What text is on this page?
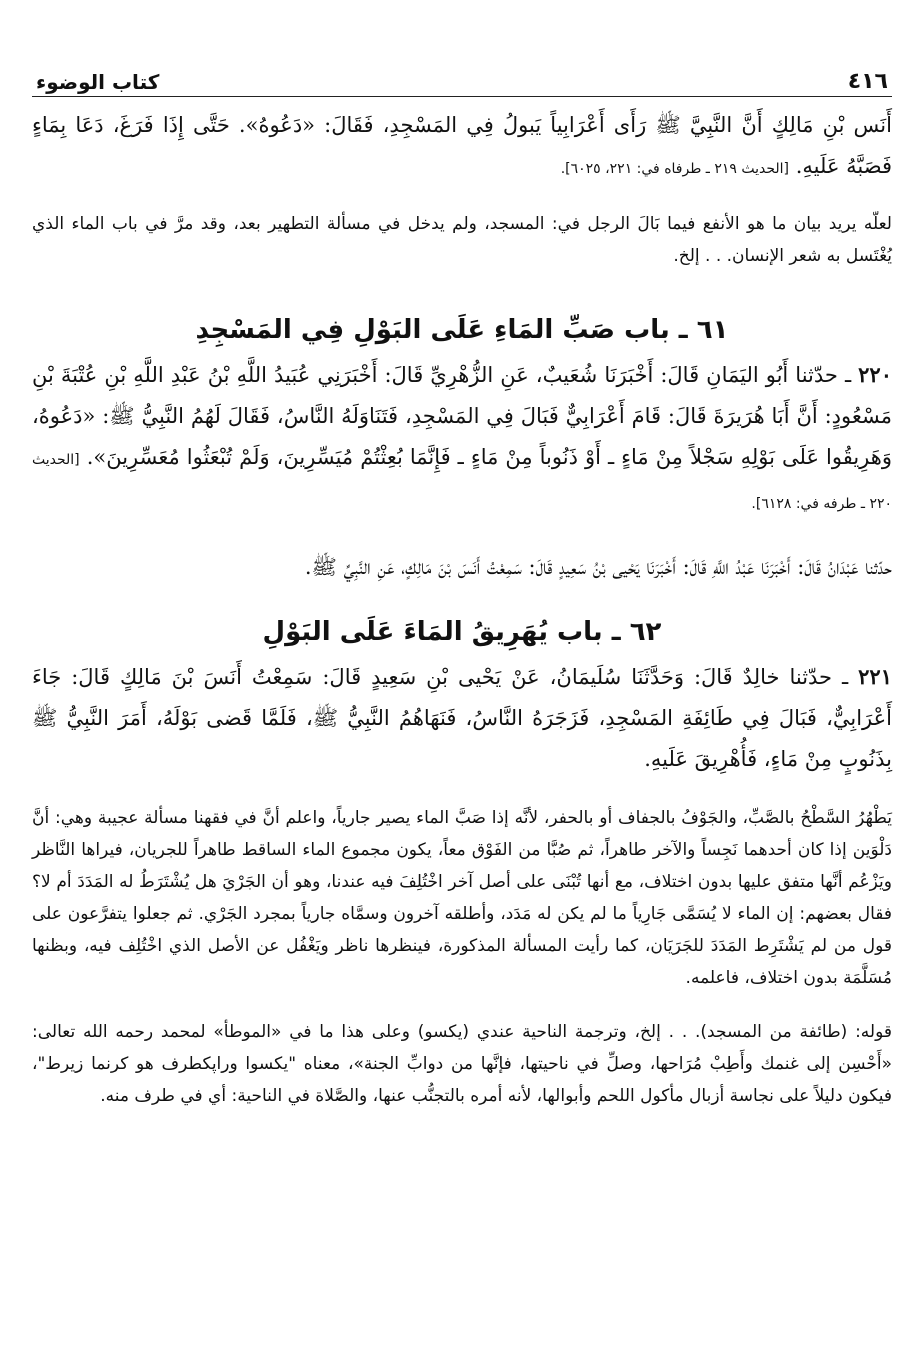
٤١٦
كتاب الوضوء

أَنَس بْنِ مَالِكٍ أَنَّ النَّبِيَّ ﷺ رَأَى أَعْرَابِياً يَبولُ فِي المَسْجِدِ، فَقَالَ: «دَعُوهُ». حَتَّى إِذَا فَرَغَ، دَعَا بِمَاءٍ فَصَبَّهُ عَلَيهِ. [الحديث ٢١٩ ـ طرفاه في: ٢٢١، ٦٠٢٥].

لعلّه يريد بيان ما هو الأنفع فيما بَالَ الرجل في: المسجد، ولم يدخل في مسألة التطهير بعد، وقد مرَّ في باب الماء الذي يُغْتَسل به شعر الإنسان. . . إلخ.

٦١ ـ باب صَبِّ المَاءِ عَلَى البَوْلِ فِي المَسْجِدِ

٢٢٠ ـ حدّثنا أَبُو اليَمَانِ قَالَ: أَخْبَرَنَا شُعَيبٌ، عَنِ الزُّهْرِيِّ قَالَ: أَخْبَرَنِي عُبَيدُ اللَّهِ بْنُ عَبْدِ اللَّهِ بْنِ عُتْبَةَ بْنِ مَسْعُودٍ: أَنَّ أَبَا هُرَيرَةَ قَالَ: قَامَ أَعْرَابِيٌّ فَبَالَ فِي المَسْجِدِ، فَتَنَاوَلَهُ النَّاسُ، فَقَالَ لَهُمُ النَّبِيُّ ﷺ: «دَعُوهُ، وَهَرِيقُوا عَلَى بَوْلِهِ سَجْلاً مِنْ مَاءٍ ـ أَوْ ذَنُوباً مِنْ مَاءٍ ـ فَإِنَّمَا بُعِثْتُمْ مُيَسِّرِينَ، وَلَمْ تُبْعَثُوا مُعَسِّرِينَ». [الحديث ٢٢٠ ـ طرفه في: ٦١٢٨].

حدّثنا عَبْدَانُ قَالَ: أَخْبَرَنَا عَبْدُ اللَّهِ قَالَ: أَخْبَرَنَا يَحْيى بْنُ سَعِيدٍ قَالَ: سَمِعْتُ أَنَسَ بْنَ مَالِكٍ، عَنِ النَّبِيِّ ﷺ.

٦٢ ـ باب يُهَرِيقُ المَاءَ عَلَى البَوْلِ

٢٢١ ـ حدّثنا خالِدٌ قَالَ: وَحَدَّثَنَا سُلَيمَانُ، عَنْ يَحْيى بْنِ سَعِيدٍ قَالَ: سَمِعْتُ أَنَسَ بْنَ مَالِكٍ قَالَ: جَاءَ أَعْرَابِيٌّ، فَبَالَ فِي طَائِفَةِ المَسْجِدِ، فَزَجَرَهُ النَّاسُ، فَنَهَاهُمُ النَّبِيُّ ﷺ، فَلَمَّا قَضى بَوْلَهُ، أَمَرَ النَّبِيُّ ﷺ بِذَنُوبٍ مِنْ مَاءٍ، فَأُهْرِيقَ عَلَيهِ.

يَطْهُرُ السَّطْحُ بالصَّبِّ، والجَوْفُ بالجفاف أو بالحفر، لأنَّه إذا صَبَّ الماء يصير جارياً، واعلم أنَّ في فقهنا مسألة عجيبة وهي: أنَّ دَلْوَين إذا كان أحدهما نَجِساً والآخر طاهراً، ثم صُبَّا من الفَوْق معاً، يكون مجموع الماء الساقط طاهراً للجريان، فيراها النَّاظر ويَزْعُم أنَّها متفق عليها بدون اختلاف، مع أنها تُبْنَى على أصل آخر اخْتُلِفَ فيه عندنا، وهو أن الجَرْيَ هل يُشْتَرَطُ له المَدَدَ أم لا؟ فقال بعضهم: إن الماء لا يُسَمَّى جَارِياً ما لم يكن له مَدَد، وأطلقه آخرون وسمَّاه جارياً بمجرد الجَرْي. ثم جعلوا يتفرَّعون على قول من لم يَشْتَرِط المَدَدَ للجَرَيَان، كما رأيت المسألة المذكورة، فينظرها ناظر ويَغْفُل عن الأصل الذي اخْتُلِف فيه، وبظنها مُسَلَّمَة بدون اختلاف، فاعلمه.

قوله: (طائفة من المسجد). . . إلخ، وترجمة الناحية عندي (يكسو) وعلى هذا ما في «الموطأ» لمحمد رحمه الله تعالى: «أَحْسِن إلى غنمك وأَطِبْ مُرَاحها، وصلِّ في ناحيتها، فإنَّها من دوابِّ الجنة»، معناه "يكسوا وراپكطرف هو كرنما زيرط"، فيكون دليلاً على نجاسة أزبال مأكول اللحم وأبوالها، لأنه أمره بالتجنُّب عنها، والصَّلاة في الناحية: أي في طرف منه.
